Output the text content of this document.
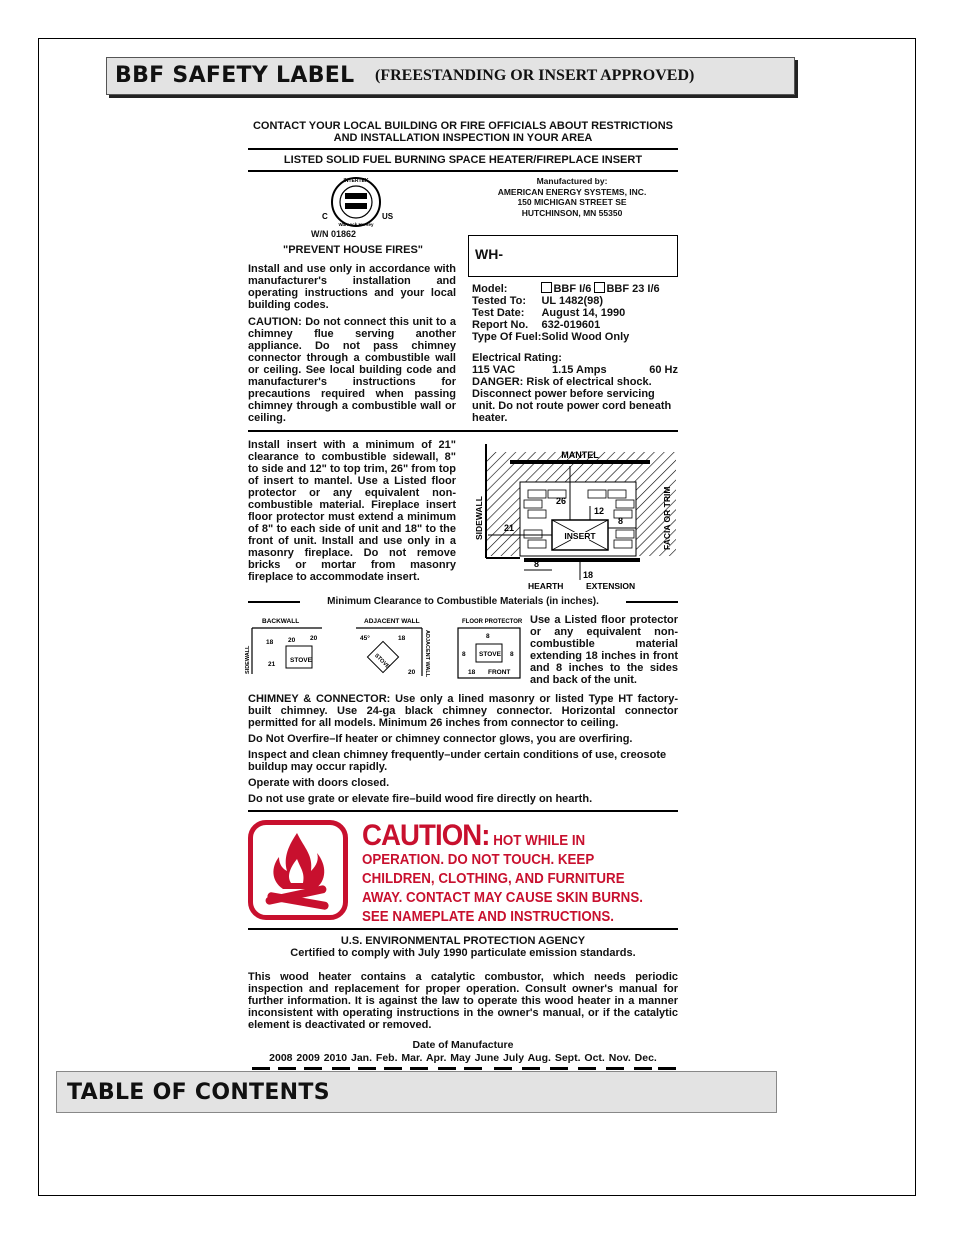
BBF SAFETY LABEL (FREESTANDING OR INSERT APPROVED)
CONTACT YOUR LOCAL BUILDING OR FIRE OFFICIALS ABOUT RESTRICTIONS AND INSTALLATION INSPECTION IN YOUR AREA
LISTED SOLID FUEL BURNING SPACE HEATER/FIREPLACE INSERT
INTERTEK
Warnock Hersey
C	US
W/N 01862
Manufactured by:
AMERICAN ENERGY SYSTEMS, INC.
150 MICHIGAN STREET SE
HUTCHINSON, MN 55350
"PREVENT HOUSE FIRES"	WH-
Install and use only in accordance with manufacturer's installation and operating instructions and your local building codes.
CAUTION: Do not connect this unit to a chimney flue serving another appliance. Do not pass chimney connector through a combustible wall or ceiling. See local building code and manufacturer's instructions for precautions required when passing chimney through a combustible wall or ceiling.
Model:	BBF I/6 BBF 23 I/6
Tested To:	UL 1482(98)
Test Date:	August 14, 1990
Report No.	632-019601
Type Of Fuel:	Solid Wood Only
Electrical Rating:
115 VAC	1.15 Amps	60 Hz
DANGER: Risk of electrical shock. Disconnect power before servicing unit. Do not route power cord beneath heater.
Install insert with a minimum of 21" clearance to combustible sidewall, 8" to side and 12" to top trim, 26" from top of insert to mantel. Use a Listed floor protector or any equivalent non-combustible material. Fireplace insert floor protector must extend a minimum of 8" to each side of unit and 18" to the front of unit. Install and use only in a masonry fireplace. Do not remove bricks or mortar from masonry fireplace to accommodate insert.
MANTEL
SIDEWALL	FACIA OR TRIM
INSERT
26
12
21
8
8
18
HEARTH	EXTENSION
Minimum Clearance to Combustible Materials (in inches).
BACKWALL
STOVE
18 20 20
21
SIDEWALL
ADJACENT WALL
STOVE
45°	18
20 ADJACENT WALL
FLOOR PROTECTOR
STOVE
8
8	8
18 FRONT
Use a Listed floor protector or any equivalent non-combustible material extending 18 inches in front and 8 inches to the sides and back of the unit.
CHIMNEY & CONNECTOR: Use only a lined masonry or listed Type HT factory-built chimney. Use 24-ga black chimney connector. Horizontal connector permitted for all models. Minimum 26 inches from connector to ceiling.
Do Not Overfire–If heater or chimney connector glows, you are overfiring.
Inspect and clean chimney frequently–under certain conditions of use, creosote buildup may occur rapidly.
Operate with doors closed.
Do not use grate or elevate fire–build wood fire directly on hearth.
CAUTION: HOT WHILE IN OPERATION. DO NOT TOUCH. KEEP CHILDREN, CLOTHING, AND FURNITURE AWAY. CONTACT MAY CAUSE SKIN BURNS. SEE NAMEPLATE AND INSTRUCTIONS.
U.S. ENVIRONMENTAL PROTECTION AGENCY
Certified to comply with July 1990 particulate emission standards.
This wood heater contains a catalytic combustor, which needs periodic inspection and replacement for proper operation. Consult owner's manual for further information. It is against the law to operate this wood heater in a manner inconsistent with operating instructions in the owner's manual, or if the catalytic element is deactivated or removed.
Date of Manufacture
2008 2009 2010 Jan. Feb. Mar. Apr. May June July Aug. Sept. Oct. Nov. Dec.
TABLE OF CONTENTS
